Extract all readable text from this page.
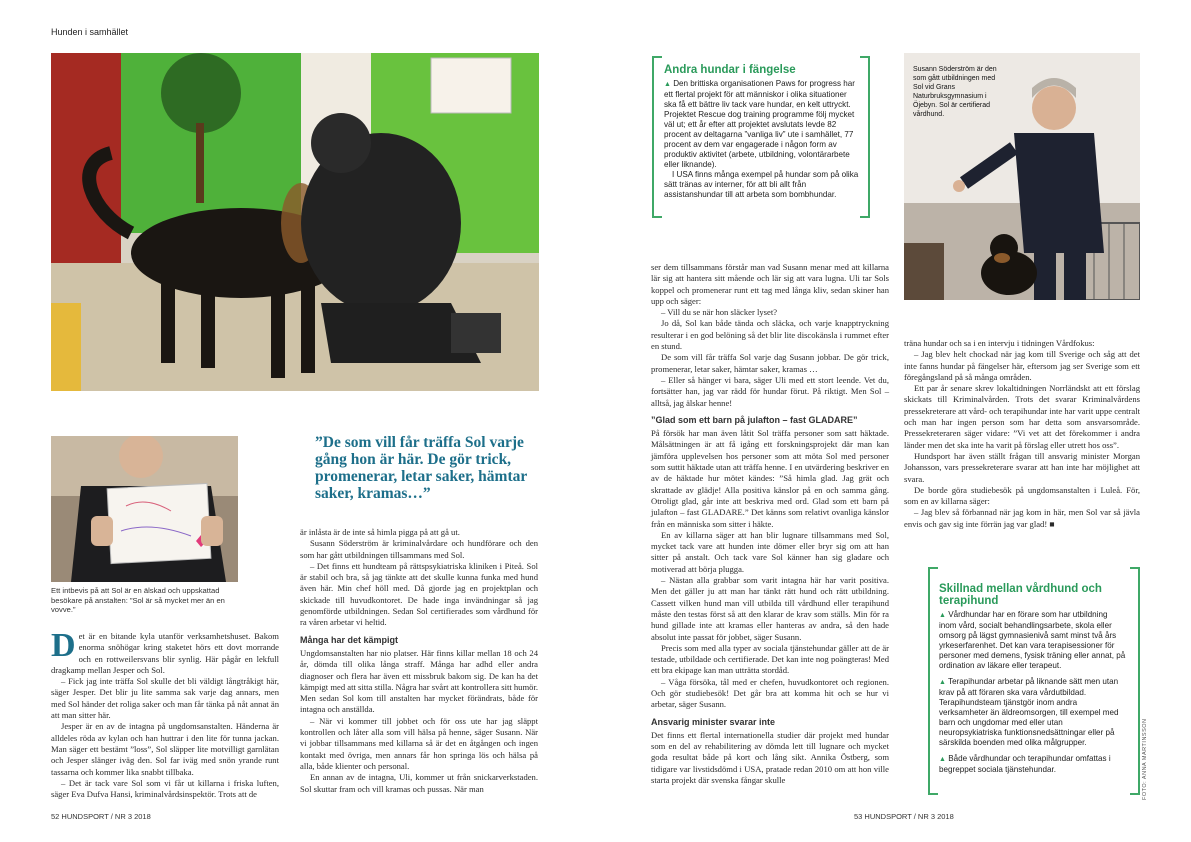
Hunden i samhället
Ett intbevis på att Sol är en älskad och uppskattad besökare på anstalten: ”Sol är så mycket mer än en vovve.”
”De som vill får träffa Sol varje gång hon är här. De gör trick, promenerar, letar saker, hämtar saker, kramas…”
D et är en bitande kyla utanför verksamhetshuset. Bakom enorma snöhögar kring staketet hörs ett dovt morrande och en rottweilersvans blir synlig. Här pågår en lekfull dragkamp mellan Jesper och Sol.

– Fick jag inte träffa Sol skulle det bli väldigt långtråkigt här, säger Jesper. Det blir ju lite samma sak varje dag annars, men med Sol händer det roliga saker och man får tänka på nåt annat än att man sitter här.

Jesper är en av de intagna på ungdomsanstalten. Händerna är alldeles röda av kylan och han huttrar i den lite för tunna jackan. Man säger ett bestämt ”loss”, Sol släpper lite motvilligt garnlätan och Jesper slänger iväg den. Sol far iväg med snön yrande runt tassarna och kommer lika snabbt tillbaka.

– Det är tack vare Sol som vi får ut killarna i friska luften, säger Eva Dufva Hansi, kriminalvårdsinspektör. Trots att de

är inlåsta är de inte så himla pigga på att gå ut.

Susann Söderström är kriminalvårdare och hundförare och den som har gått utbildningen tillsammans med Sol.

– Det finns ett hundteam på rättspsykiatriska kliniken i Piteå. Sol är stabil och bra, så jag tänkte att det skulle kunna funka med hund även här. Min chef höll med. Då gjorde jag en projektplan och skickade till huvudkontoret. De hade inga invändningar så jag genomförde utbildningen. Sedan Sol certifierades som vårdhund för ra våren arbetar vi heltid.

Många har det kämpigt

Ungdomsanstalten har nio platser. Här finns killar mellan 18 och 24 år, dömda till olika långa straff. Många har adhd eller andra diagnoser och flera har även ett missbruk bakom sig. De kan ha det kämpigt med att sitta stilla. Några har svårt att kontrollera sitt humör. Men sedan Sol kom till anstalten har mycket förändrats, både för intagna och anställda.

– När vi kommer till jobbet och för oss ute har jag släppt kontrollen och låter alla som vill hälsa på henne, säger Susann. När vi jobbar tillsammans med killarna så är det en åtgången och ingen kontakt med övriga, men annars får hon springa lös och hälsa på alla, både klienter och personal.

En annan av de intagna, Uli, kommer ut från snickarverkstaden. Sol skuttar fram och vill kramas och pussas. När man

52 HUNDSPORT / NR 3 2018
Andra hundar i fängelse
▲ Den brittiska organisationen Paws for progress har ett flertal projekt för att människor i olika situationer ska få ett bättre liv tack vare hundar, en kelt uttryckt. Projektet Rescue dog training programme följ mycket väl ut; ett år efter att projektet avslutats levde 82 procent av deltagarna ”vanliga liv” ute i samhället, 77 procent av dem var engagerade i någon form av produktiv aktivitet (arbete, utbildning, volontärarbete eller liknande).
I USA finns många exempel på hundar som på olika sätt tränas av interner, för att bli allt från assistanshundar till att arbeta som bombhundar.
Susann Söderström är den som gått utbildningen med Sol vid Grans Naturbruksgymnasium i Öjebyn. Sol är certifierad vårdhund.

ser dem tillsammans förstår man vad Susann menar med att killarna lär sig att hantera sitt mående och lär sig att vara lugna. Uli tar Sols koppel och promenerar runt ett tag med långa kliv, sedan skiner han upp och säger:

– Vill du se när hon släcker lyset?

Jo då, Sol kan både tända och släcka, och varje knapptryckning resulterar i en god belöning så det blir lite discokänsla i rummet efter en stund.

De som vill får träffa Sol varje dag Susann jobbar. De gör trick, promenerar, letar saker, hämtar saker, kramas …

– Eller så hänger vi bara, säger Uli med ett stort leende. Vet du, fortsätter han, jag var rädd för hundar förut. På riktigt. Men Sol – alltså, jag älskar henne!

”Glad som ett barn på julafton – fast GLADARE”

På försök har man även låtit Sol träffa personer som satt häktade. Målsättningen är att få igång ett forskningsprojekt där man kan jämföra upplevelsen hos personer som att möta Sol med personer som suttit häktade utan att träffa henne. I en utvärdering beskriver en av de häktade hur mötet kändes: ”Så himla glad. Jag grät och skrattade av glädje! Alla positiva känslor på en och samma gång. Otroligt glad, går inte att beskriva med ord. Glad som ett barn på julafton – fast GLADARE.” Det känns som relativt ovanliga känslor från en människa som sitter i häkte.

En av killarna säger att han blir lugnare tillsammans med Sol, mycket tack vare att hunden inte dömer eller bryr sig om att han sitter på anstalt. Och tack vare Sol känner han sig gladare och motiverad att börja plugga.

– Nästan alla grabbar som varit intagna här har varit positiva. Men det gäller ju att man har tänkt rätt hund och rätt utbildning. Cassett vilken hund man vill utbilda till vårdhund eller terapihund måste den testas först så att den klarar de krav som ställs. Min för ra hund gillade inte att kramas eller hanteras av andra, så den hade absolut inte passat för jobbet, säger Susann.

Precis som med alla typer av sociala tjänstehundar gäller att de är testade, utbildade och certifierade. Det kan inte nog poängteras! Med ett bra ekipage kan man utträtta stordåd.

– Våga försöka, tål med er chefen, huvudkontoret och regionen. Och gör studiebesök! Det går bra att komma hit och se hur vi arbetar, säger Susann.

Ansvarig minister svarar inte

Det finns ett flertal internationella studier där projekt med hundar som en del av rehabilitering av dömda lett till lugnare och mycket goda resultat både på kort och lång sikt. Annika Östberg, som tidigare var livstidsdömd i USA, pratade redan 2010 om att hon ville starta projekt där svenska fångar skulle

träna hundar och sa i en intervju i tidningen Vårdfokus:

– Jag blev helt chockad när jag kom till Sverige och såg att det inte fanns hundar på fängelser här, eftersom jag ser Sverige som ett föregångsland på så många områden.

Ett par år senare skrev lokaltidningen Norrländskt att ett förslag skickats till Kriminalvården. Trots det svarar Kriminalvårdens pressekreterare att vård- och terapihundar inte har varit uppe centralt och man har ingen person som har detta som ansvarsområde. Pressekreteraren säger vidare: ”Vi vet att det förekommer i andra länder men det ska inte ha varit på förslag eller utrett hos oss”.

Hundsport har även ställt frågan till ansvarig minister Morgan Johansson, vars pressekreterare svarar att han inte har möjlighet att svara.

De borde göra studiebesök på ungdomsanstalten i Luleå. För, som en av killarna säger:

– Jag blev så förbannad när jag kom in här, men Sol var så jävla envis och gav sig inte förrän jag var glad! ■

Skillnad mellan vårdhund och terapihund
▲ Vårdhundar har en förare som har utbildning inom vård, socialt behandlingsarbete, skola eller omsorg på lägst gymnasienivå samt minst två års yrkeserfarenhet. Det kan vara terapisessioner för personer med demens, fysisk träning eller annat, på ordination av läkare eller terapeut.
▲ Terapihundar arbetar på liknande sätt men utan krav på att föraren ska vara vårdutbildad. Terapihundsteam tjänstgör inom andra verksamheter än äldreomsorgen, till exempel med barn och ungdomar med eller utan neuropsykiatriska funktionsnedsättningar eller på särskilda boenden med olika målgrupper.
▲ Både vårdhundar och terapihundar omfattas i begreppet sociala tjänstehundar.	FOTO: ANNA MARTINSSON
53 HUNDSPORT / NR 3 2018
